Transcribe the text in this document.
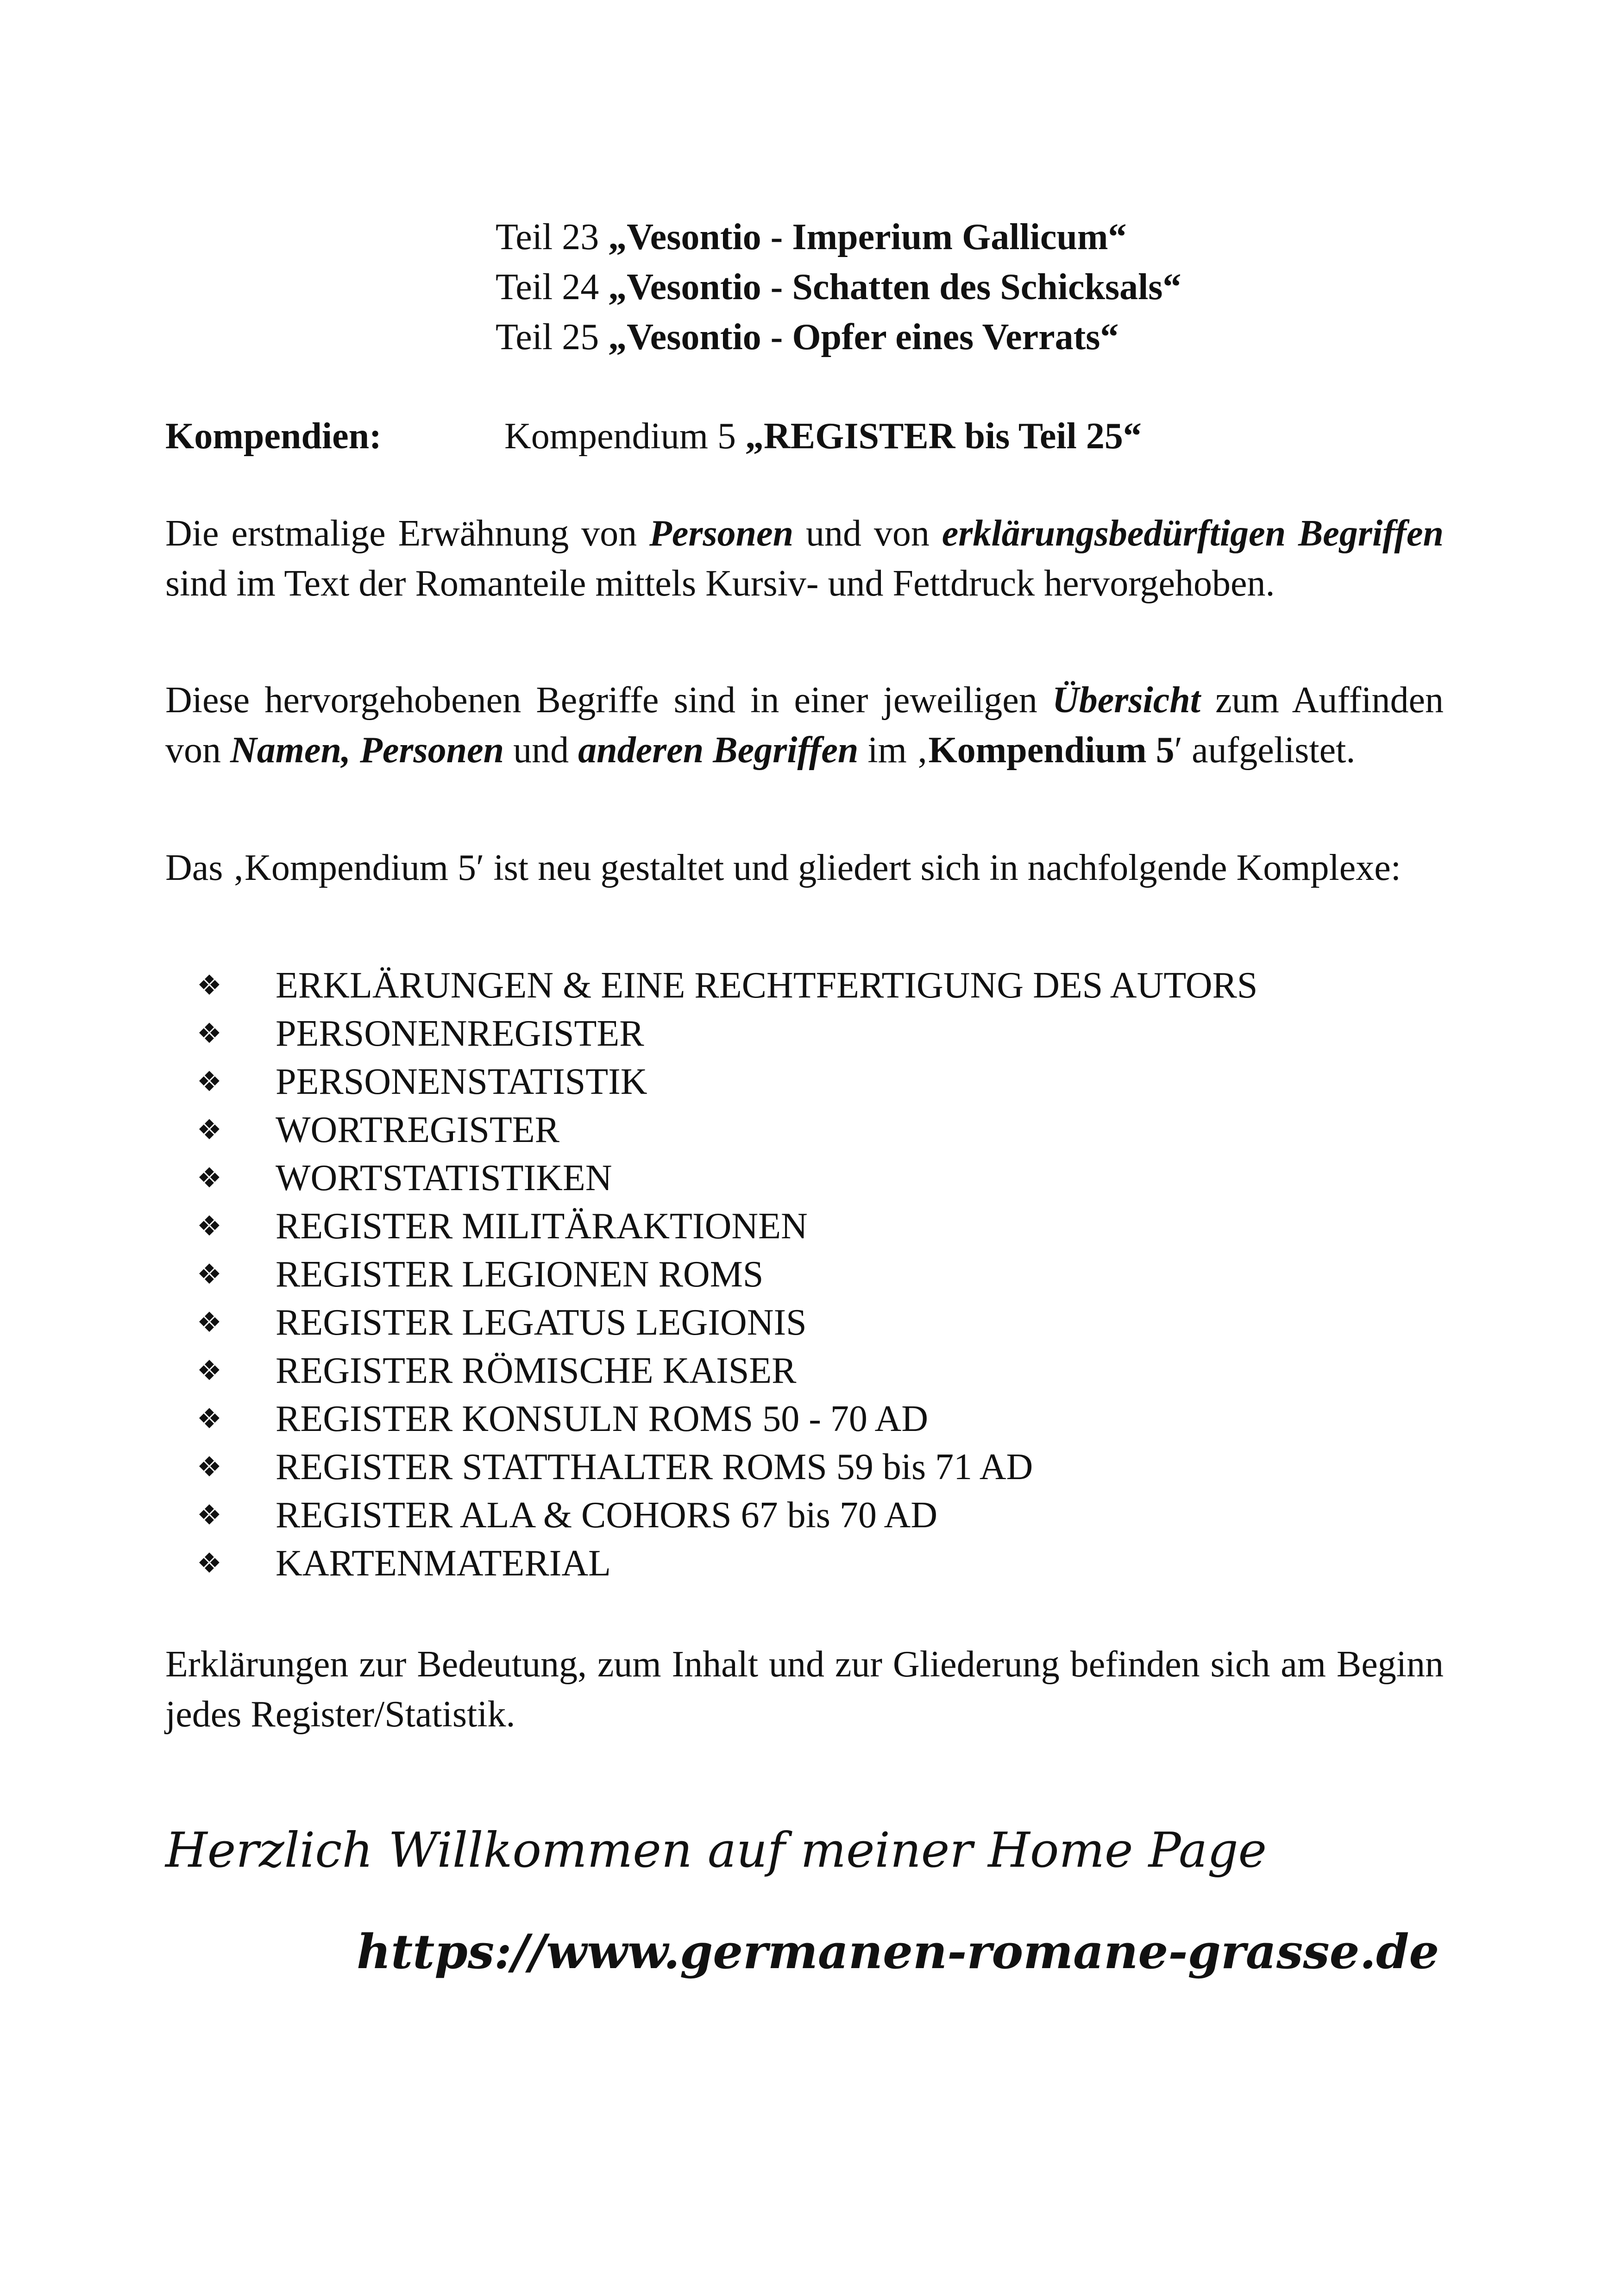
Teil 23 „Vesontio - Imperium Gallicum“
Teil 24 „Vesontio - Schatten des Schicksals“
Teil 25 „Vesontio - Opfer eines Verrats“
Kompendien:	Kompendium 5 „REGISTER bis Teil 25“

Die erstmalige Erwähnung von Personen und von erklärungsbedürftigen Begriffen sind im Text der Romanteile mittels Kursiv- und Fettdruck hervorgehoben.

Diese hervorgehobenen Begriffe sind in einer jeweiligen Übersicht zum Auffinden von Namen, Personen und anderen Begriffen im ‚Kompendium 5′ aufgelistet.

Das ‚Kompendium 5′ ist neu gestaltet und gliedert sich in nachfolgende Komplexe:

❖ ERKLÄRUNGEN & EINE RECHTFERTIGUNG DES AUTORS
❖ PERSONENREGISTER
❖ PERSONENSTATISTIK
❖ WORTREGISTER
❖ WORTSTATISTIKEN
❖ REGISTER MILITÄRAKTIONEN
❖ REGISTER LEGIONEN ROMS
❖ REGISTER LEGATUS LEGIONIS
❖ REGISTER RÖMISCHE KAISER
❖ REGISTER KONSULN ROMS 50 - 70 AD
❖ REGISTER STATTHALTER ROMS 59 bis 71 AD
❖ REGISTER ALA & COHORS 67 bis 70 AD
❖ KARTENMATERIAL

Erklärungen zur Bedeutung, zum Inhalt und zur Gliederung befinden sich am Beginn jedes Register/Statistik.

Herzlich Willkommen auf meiner Home Page
https://www.germanen-romane-grasse.de
